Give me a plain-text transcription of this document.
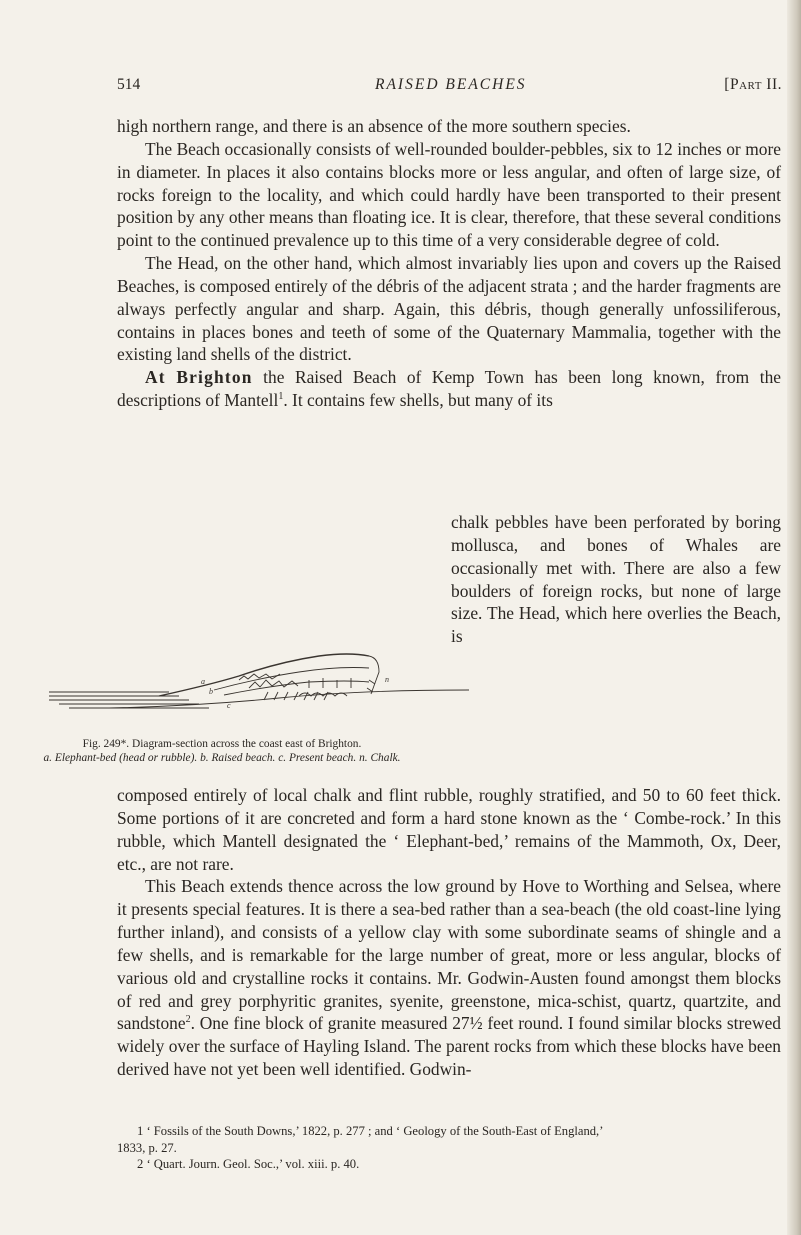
514	RAISED BEACHES	[Part II.

high northern range, and there is an absence of the more southern species.

The Beach occasionally consists of well-rounded boulder-pebbles, six to 12 inches or more in diameter. In places it also contains blocks more or less angular, and often of large size, of rocks foreign to the locality, and which could hardly have been transported to their present position by any other means than floating ice. It is clear, therefore, that these several conditions point to the continued prevalence up to this time of a very considerable degree of cold.

The Head, on the other hand, which almost invariably lies upon and covers up the Raised Beaches, is composed entirely of the débris of the adjacent strata ; and the harder fragments are always perfectly angular and sharp. Again, this débris, though generally unfossiliferous, contains in places bones and teeth of some of the Quaternary Mammalia, together with the existing land shells of the district.

At Brighton the Raised Beach of Kemp Town has been long known, from the descriptions of Mantell$^1$. It contains few shells, but many of its

chalk pebbles have been perforated by boring mollusca, and bones of Whales are occasionally met with. There are also a few boulders of foreign rocks, but none of large size. The Head, which here overlies the Beach, is

a
b
c
n
Fig. 249*. Diagram-section across the coast east of Brighton.
a. Elephant-bed (head or rubble). b. Raised beach. c. Present beach. n. Chalk.

composed entirely of local chalk and flint rubble, roughly stratified, and 50 to 60 feet thick. Some portions of it are concreted and form a hard stone known as the ‘ Combe-rock.’ In this rubble, which Mantell designated the ‘ Elephant-bed,’ remains of the Mammoth, Ox, Deer, etc., are not rare.

This Beach extends thence across the low ground by Hove to Worthing and Selsea, where it presents special features. It is there a sea-bed rather than a sea-beach (the old coast-line lying further inland), and consists of a yellow clay with some subordinate seams of shingle and a few shells, and is remarkable for the large number of great, more or less angular, blocks of various old and crystalline rocks it contains. Mr. Godwin-Austen found amongst them blocks of red and grey porphyritic granites, syenite, greenstone, mica-schist, quartz, quartzite, and sandstone$^2$. One fine block of granite measured 27½ feet round. I found similar blocks strewed widely over the surface of Hayling Island. The parent rocks from which these blocks have been derived have not yet been well identified. Godwin-

1 ‘ Fossils of the South Downs,’ 1822, p. 277 ; and ‘ Geology of the South-East of England,’

1833, p. 27.

2 ‘ Quart. Journ. Geol. Soc.,’ vol. xiii. p. 40.
